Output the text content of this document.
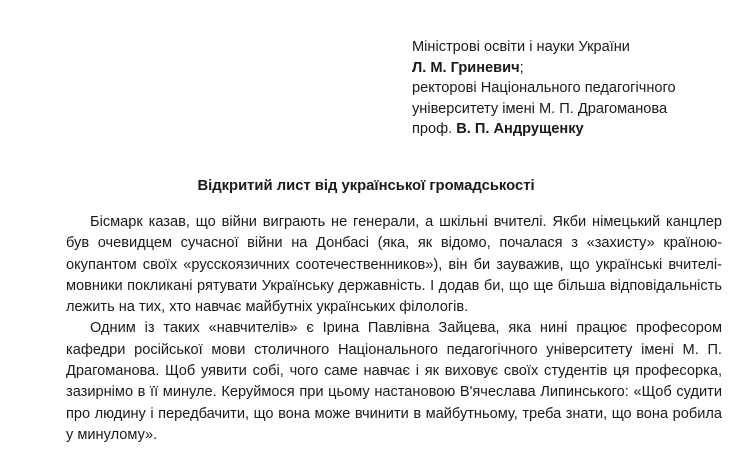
Міністрові освіти і науки України
Л. М. Гриневич;
ректорові Національного педагогічного
університету імені М. П. Драгоманова
проф. В. П. Андрущенку
Відкритий лист від української громадськості

Бісмарк казав, що війни виграють не генерали, а шкільні вчителі. Якби німецький канцлер був очевидцем сучасної війни на Донбасі (яка, як відомо, почалася з «захисту» країною-окупантом своїх «русскоязичних соотечественников»), він би зауважив, що українські вчителі-мовники покликані рятувати Українську державність. І додав би, що ще більша відповідальність лежить на тих, хто навчає майбутніх українських філологів.

Одним із таких «навчителів» є Ірина Павлівна Зайцева, яка нині працює професором кафедри російської мови столичного Національного педагогічного університету імені М. П. Драгоманова. Щоб уявити собі, чого саме навчає і як виховує своїх студентів ця професорка, зазирнімо в її минуле. Керуймося при цьому настановою В'ячеслава Липинського: «Щоб судити про людину і передбачити, що вона може вчинити в майбутньому, треба знати, що вона робила у минулому».
